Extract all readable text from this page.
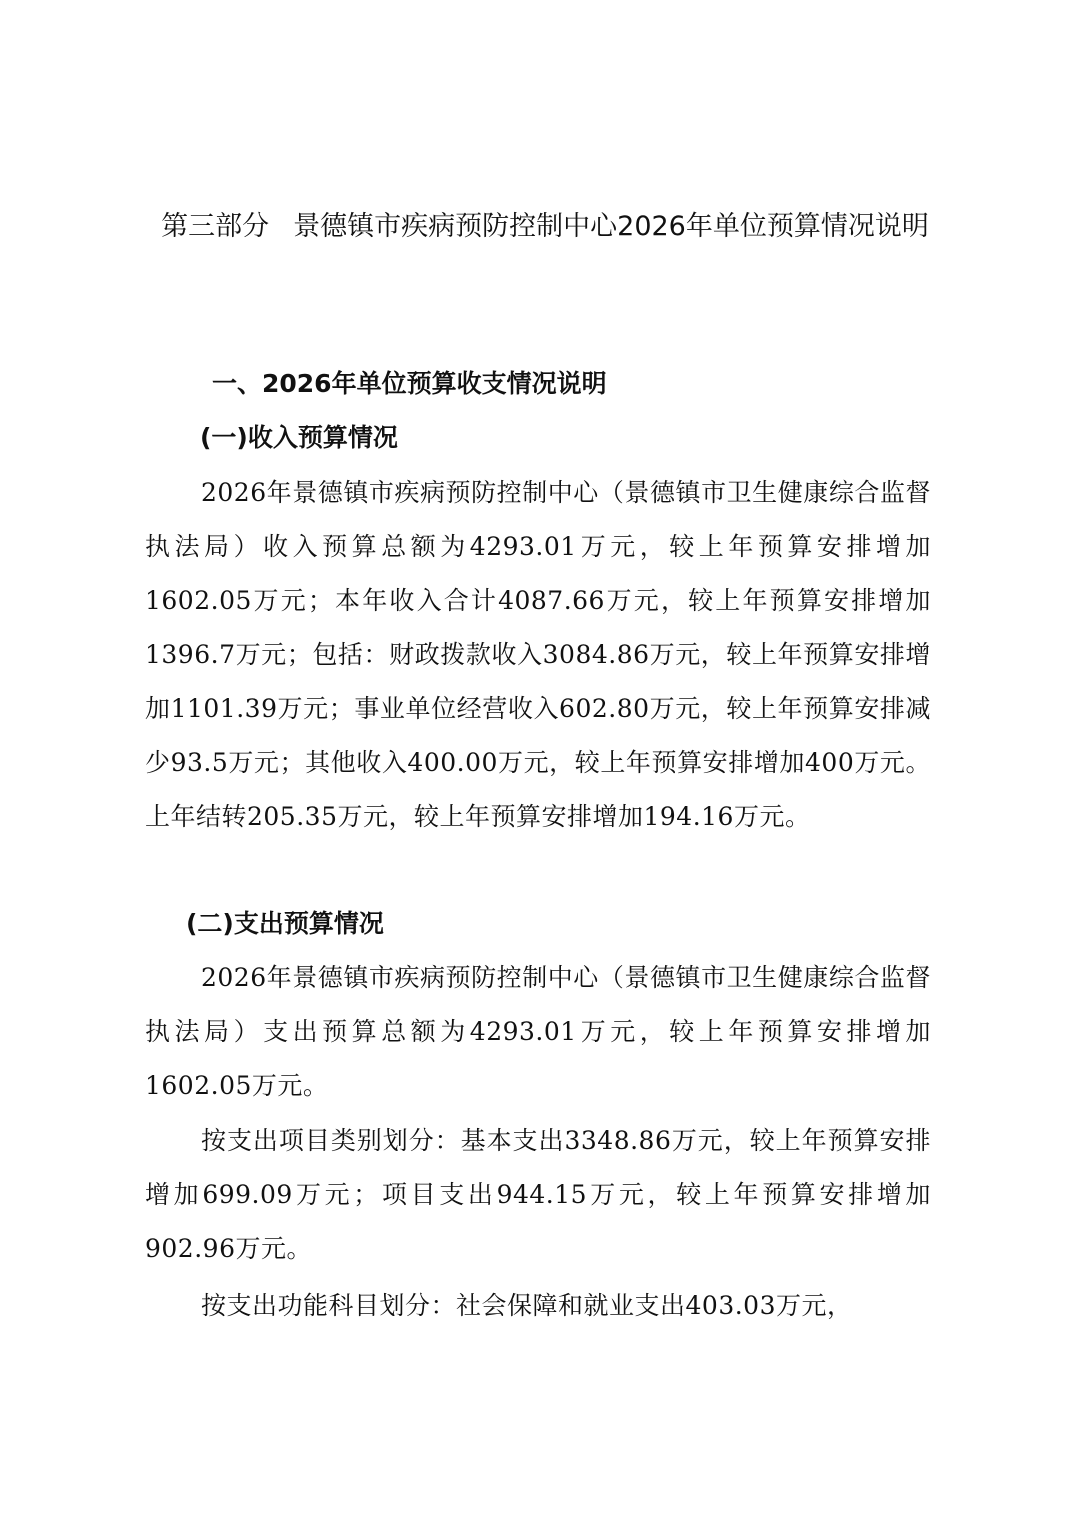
第三部分 景德镇市疾病预防控制中心2026年单位预算情况说明
一、2026年单位预算收支情况说明
(一)收入预算情况

2026年景德镇市疾病预防控制中心（景德镇市卫生健康综合监督执法局）收入预算总额为4293.01万元，较上年预算安排增加1602.05万元；本年收入合计4087.66万元，较上年预算安排增加1396.7万元；包括：财政拨款收入3084.86万元，较上年预算安排增加1101.39万元；事业单位经营收入602.80万元，较上年预算安排减少93.5万元；其他收入400.00万元，较上年预算安排增加400万元。上年结转205.35万元，较上年预算安排增加194.16万元。

(二)支出预算情况

2026年景德镇市疾病预防控制中心（景德镇市卫生健康综合监督执法局）支出预算总额为4293.01万元，较上年预算安排增加1602.05万元。

按支出项目类别划分：基本支出3348.86万元，较上年预算安排增加699.09万元；项目支出944.15万元，较上年预算安排增加902.96万元。

按支出功能科目划分：社会保障和就业支出403.03万元，
